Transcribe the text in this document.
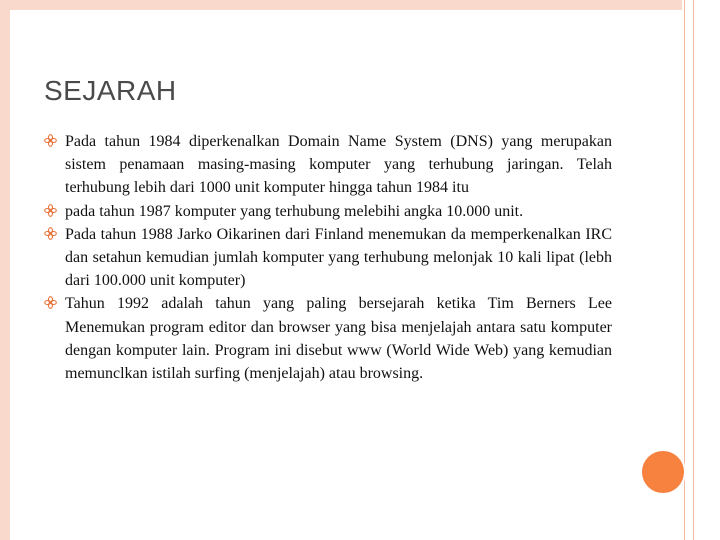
SEJARAH
Pada tahun 1984 diperkenalkan Domain Name System (DNS) yang merupakan sistem penamaan masing-masing komputer yang terhubung jaringan. Telah terhubung lebih dari 1000 unit komputer hingga tahun 1984 itu
pada tahun 1987 komputer yang terhubung melebihi angka 10.000 unit.
Pada tahun 1988 Jarko Oikarinen dari Finland menemukan da memperkenalkan IRC dan setahun kemudian jumlah komputer yang terhubung melonjak 10 kali lipat (lebh dari 100.000 unit komputer)
Tahun 1992 adalah tahun yang paling bersejarah ketika Tim Berners Lee Menemukan program editor dan browser yang bisa menjelajah antara satu komputer dengan komputer lain. Program ini disebut www (World Wide Web) yang kemudian memunclkan istilah surfing (menjelajah) atau browsing.
